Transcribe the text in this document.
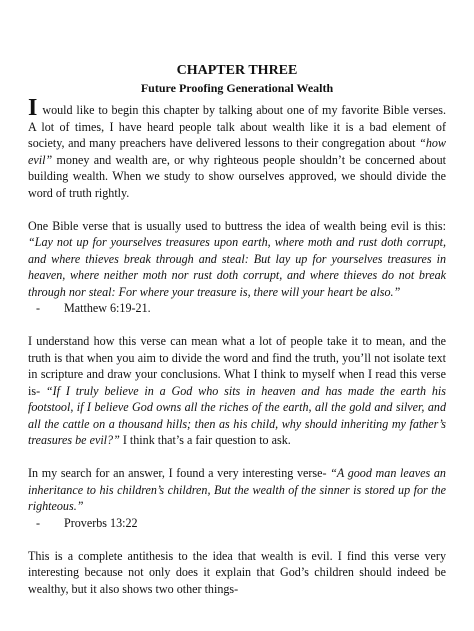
CHAPTER THREE
Future Proofing Generational Wealth

Iwould like to begin this chapter by talking about one of my favorite Bible verses. A lot of times, I have heard people talk about wealth like it is a bad element of society, and many preachers have delivered lessons to their congregation about “how evil” money and wealth are, or why righteous people shouldn’t be concerned about building wealth. When we study to show ourselves approved, we should divide the word of truth rightly.

One Bible verse that is usually used to buttress the idea of wealth being evil is this: “Lay not up for yourselves treasures upon earth, where moth and rust doth corrupt, and where thieves break through and steal: But lay up for yourselves treasures in heaven, where neither moth nor rust doth corrupt, and where thieves do not break through nor steal: For where your treasure is, there will your heart be also.”

- Matthew 6:19-21.

I understand how this verse can mean what a lot of people take it to mean, and the truth is that when you aim to divide the word and find the truth, you’ll not isolate text in scripture and draw your conclusions. What I think to myself when I read this verse is- “If I truly believe in a God who sits in heaven and has made the earth his footstool, if I believe God owns all the riches of the earth, all the gold and silver, and all the cattle on a thousand hills; then as his child, why should inheriting my father’s treasures be evil?” I think that’s a fair question to ask.

In my search for an answer, I found a very interesting verse- “A good man leaves an inheritance to his children’s children, But the wealth of the sinner is stored up for the righteous.”

- Proverbs 13:22

This is a complete antithesis to the idea that wealth is evil. I find this verse very interesting because not only does it explain that God’s children should indeed be wealthy, but it also shows two other things-
